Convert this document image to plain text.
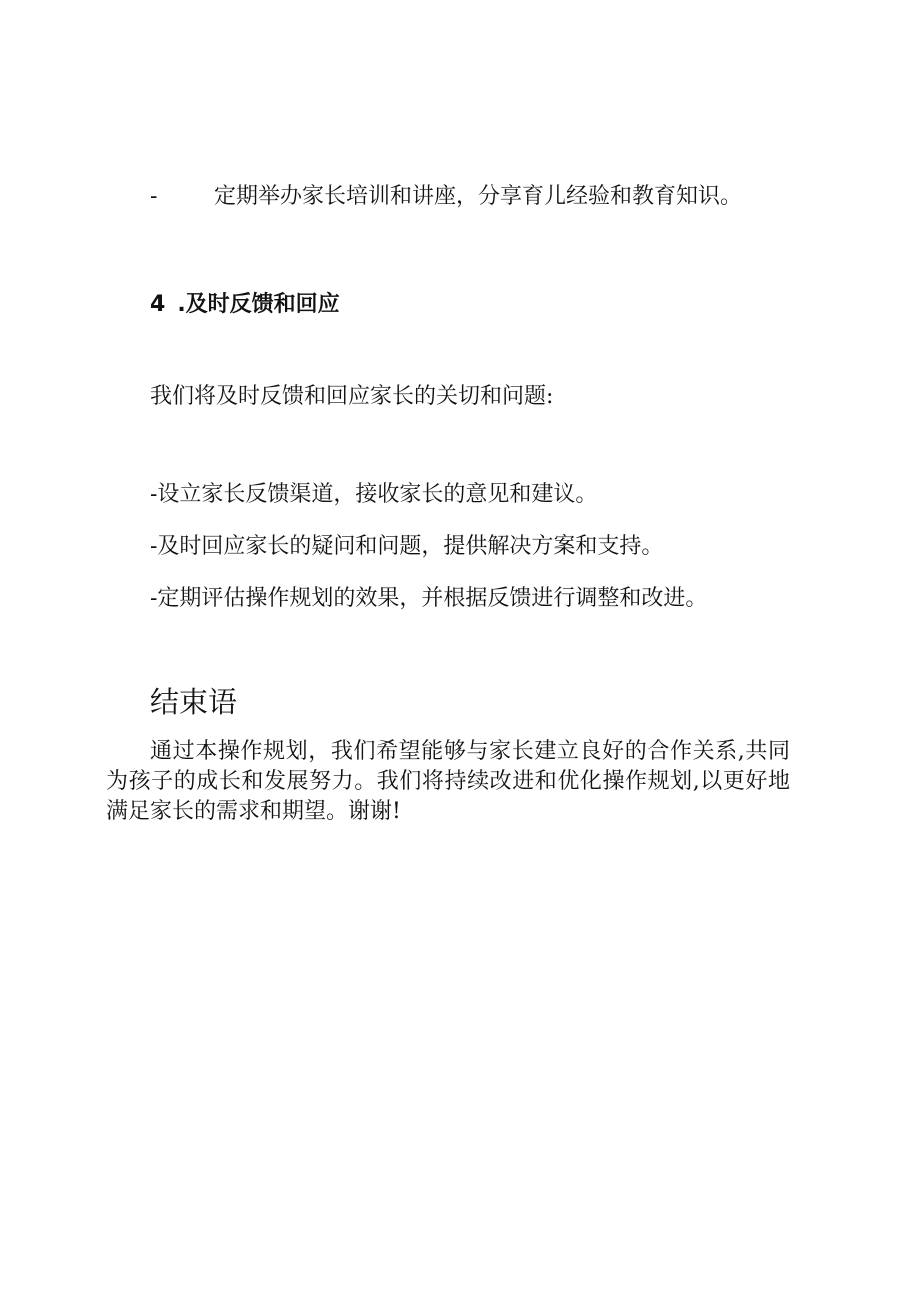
-	定期举办家长培训和讲座，分享育儿经验和教育知识。
4 .及时反馈和回应
我们将及时反馈和回应家长的关切和问题:
-设立家长反馈渠道，接收家长的意见和建议。
-及时回应家长的疑问和问题，提供解决方案和支持。
-定期评估操作规划的效果，并根据反馈进行调整和改进。
结束语
通过本操作规划，我们希望能够与家长建立良好的合作关系,共同为孩子的成长和发展努力。我们将持续改进和优化操作规划,以更好地满足家长的需求和期望。谢谢!
